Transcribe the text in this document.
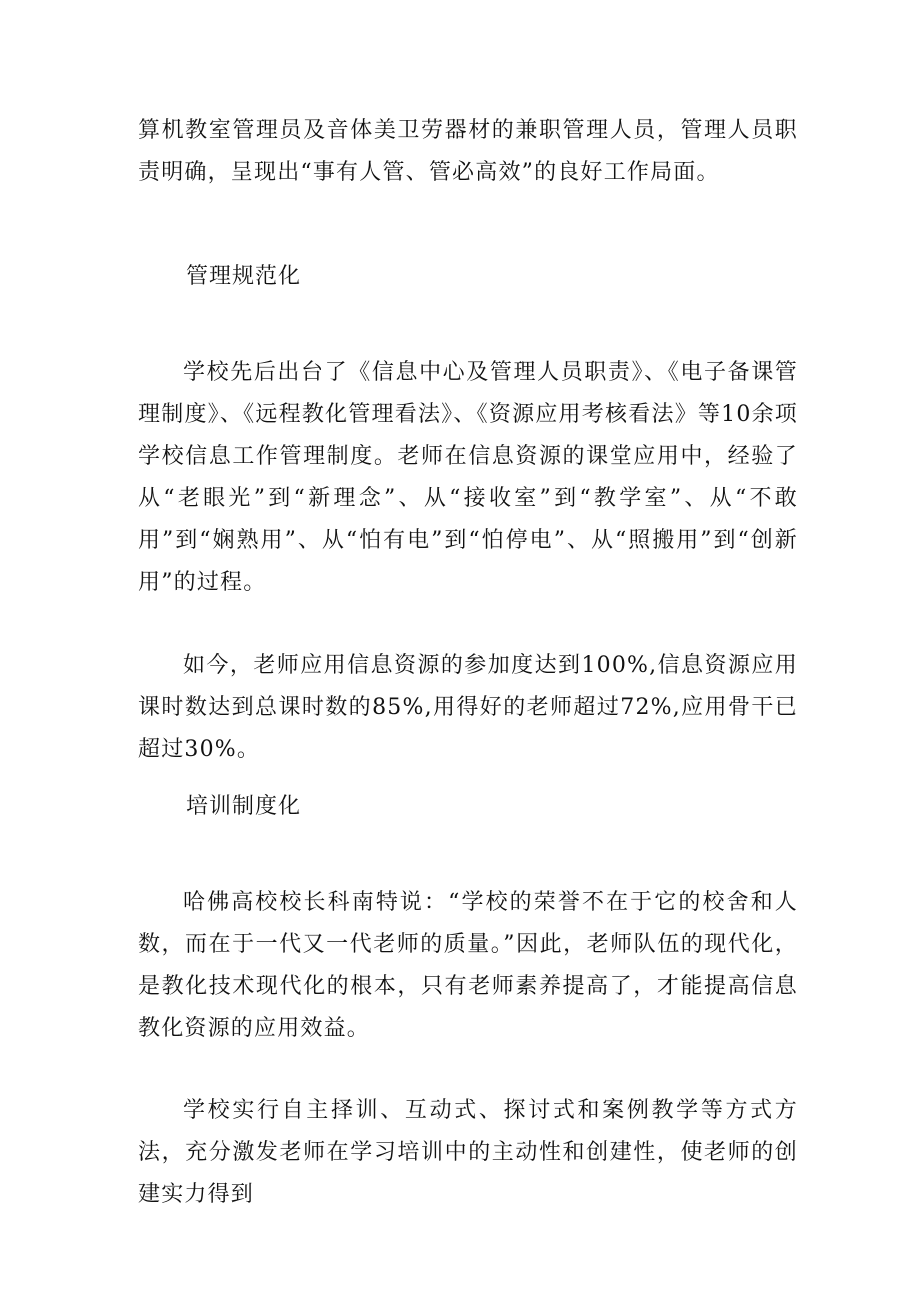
算机教室管理员及音体美卫劳器材的兼职管理人员，管理人员职责明确，呈现出“事有人管、管必高效”的良好工作局面。

管理规范化

学校先后出台了《信息中心及管理人员职责》、《电子备课管理制度》、《远程教化管理看法》、《资源应用考核看法》等10余项学校信息工作管理制度。老师在信息资源的课堂应用中，经验了从“老眼光”到“新理念”、从“接收室”到“教学室”、从“不敢用”到“娴熟用”、从“怕有电”到“怕停电”、从“照搬用”到“创新用”的过程。

如今，老师应用信息资源的参加度达到100%,信息资源应用课时数达到总课时数的85%,用得好的老师超过72%,应用骨干已超过30%。

培训制度化

哈佛高校校长科南特说：“学校的荣誉不在于它的校舍和人数，而在于一代又一代老师的质量。”因此，老师队伍的现代化，是教化技术现代化的根本，只有老师素养提高了，才能提高信息教化资源的应用效益。

学校实行自主择训、互动式、探讨式和案例教学等方式方法，充分激发老师在学习培训中的主动性和创建性，使老师的创建实力得到
